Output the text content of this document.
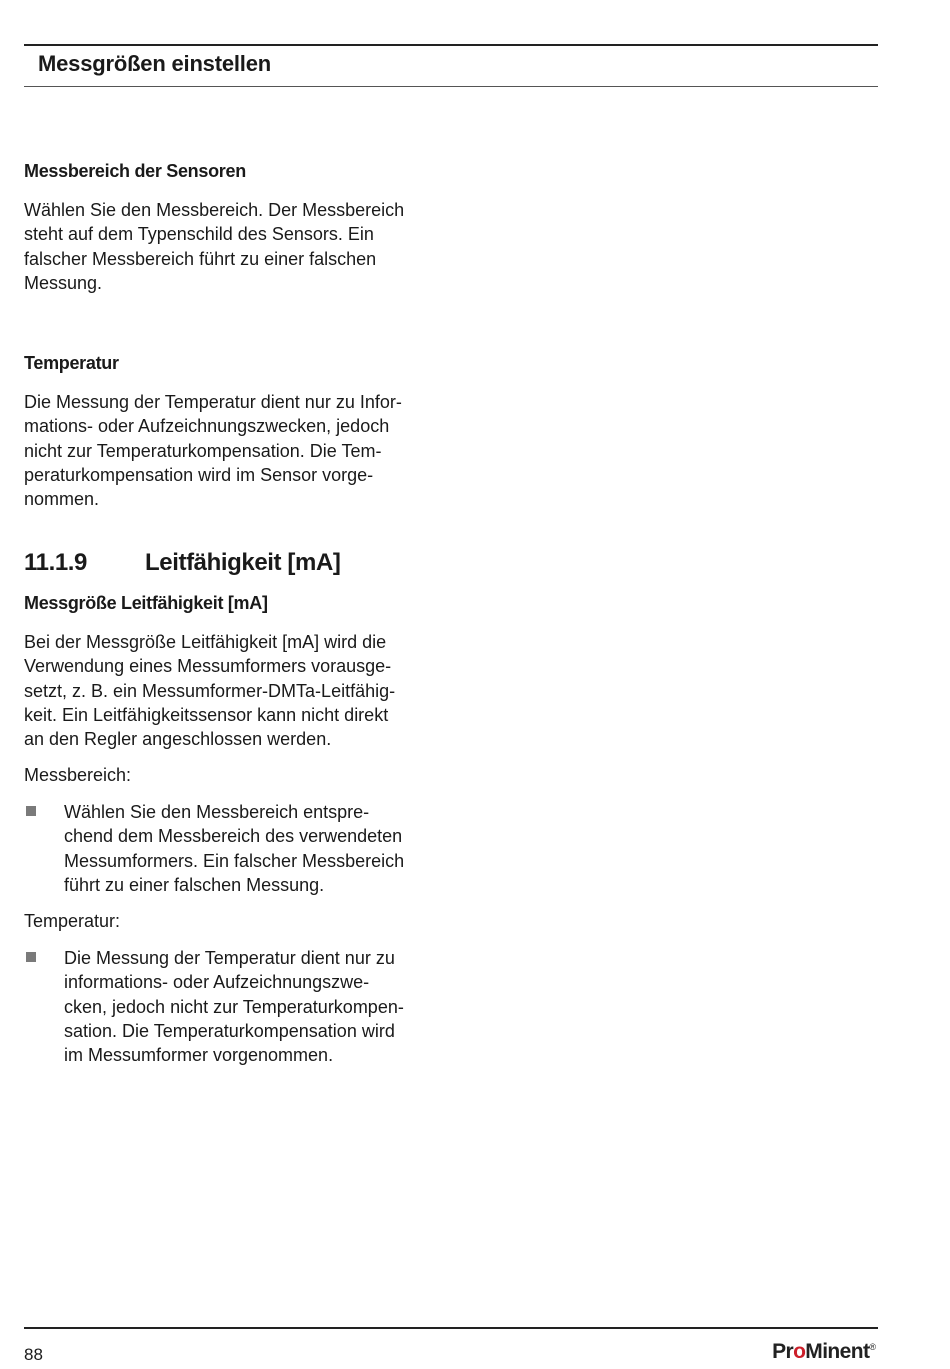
Messgrößen einstellen
Messbereich der Sensoren
Wählen Sie den Messbereich. Der Messbereich
steht auf dem Typenschild des Sensors. Ein
falscher Messbereich führt zu einer falschen
Messung.
Temperatur
Die Messung der Temperatur dient nur zu Infor-
mations- oder Aufzeichnungszwecken, jedoch
nicht zur Temperaturkompensation. Die Tem-
peraturkompensation wird im Sensor vorge-
nommen.
11.1.9 Leitfähigkeit [mA]
Messgröße Leitfähigkeit [mA]
Bei der Messgröße Leitfähigkeit [mA] wird die
Verwendung eines Messumformers vorausge-
setzt, z. B. ein Messumformer-DMTa-Leitfähig-
keit. Ein Leitfähigkeitssensor kann nicht direkt
an den Regler angeschlossen werden.
Messbereich:
Wählen Sie den Messbereich entspre-
chend dem Messbereich des verwendeten
Messumformers. Ein falscher Messbereich
führt zu einer falschen Messung.
Temperatur:
Die Messung der Temperatur dient nur zu
informations- oder Aufzeichnungszwe-
cken, jedoch nicht zur Temperaturkompen-
sation. Die Temperaturkompensation wird
im Messumformer vorgenommen.
88	ProMinent®
